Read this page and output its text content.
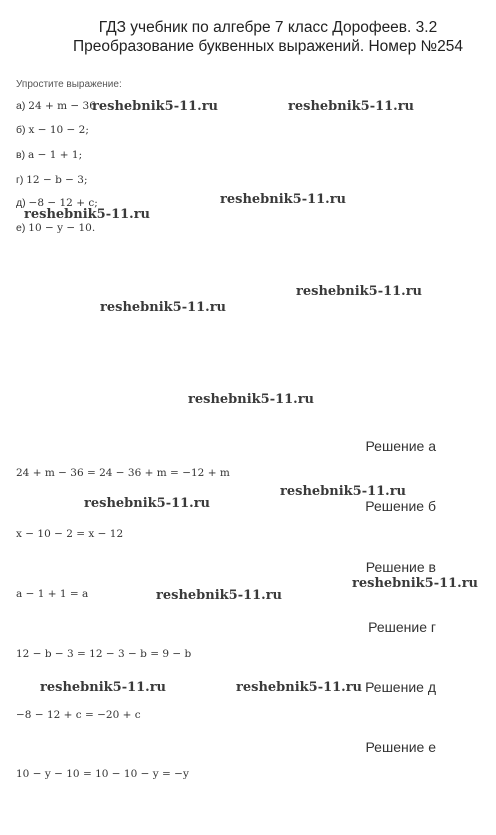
ГДЗ учебник по алгебре 7 класс Дорофеев. 3.2
Преобразование буквенных выражений. Номер №254
Упростите выражение:
а) 24 + m − 36
б) x − 10 − 2;
в) a − 1 + 1;
г) 12 − b − 3;
д) −8 − 12 + c;
е) 10 − y − 10.
Решение а
24 + m − 36 = 24 − 36 + m = −12 + m
Решение б
x − 10 − 2 = x − 12
Решение в
a − 1 + 1 = a
Решение г
12 − b − 3 = 12 − 3 − b = 9 − b
Решение д
−8 − 12 + c = −20 + c
Решение е
10 − y − 10 = 10 − 10 − y = −y
reshebnik5-11.ru	reshebnik5-11.ru
reshebnik5-11.ru
reshebnik5-11.ru
reshebnik5-11.ru
reshebnik5-11.ru
reshebnik5-11.ru
reshebnik5-11.ru
reshebnik5-11.ru
reshebnik5-11.ru
reshebnik5-11.ru
reshebnik5-11.ru	reshebnik5-11.ru
